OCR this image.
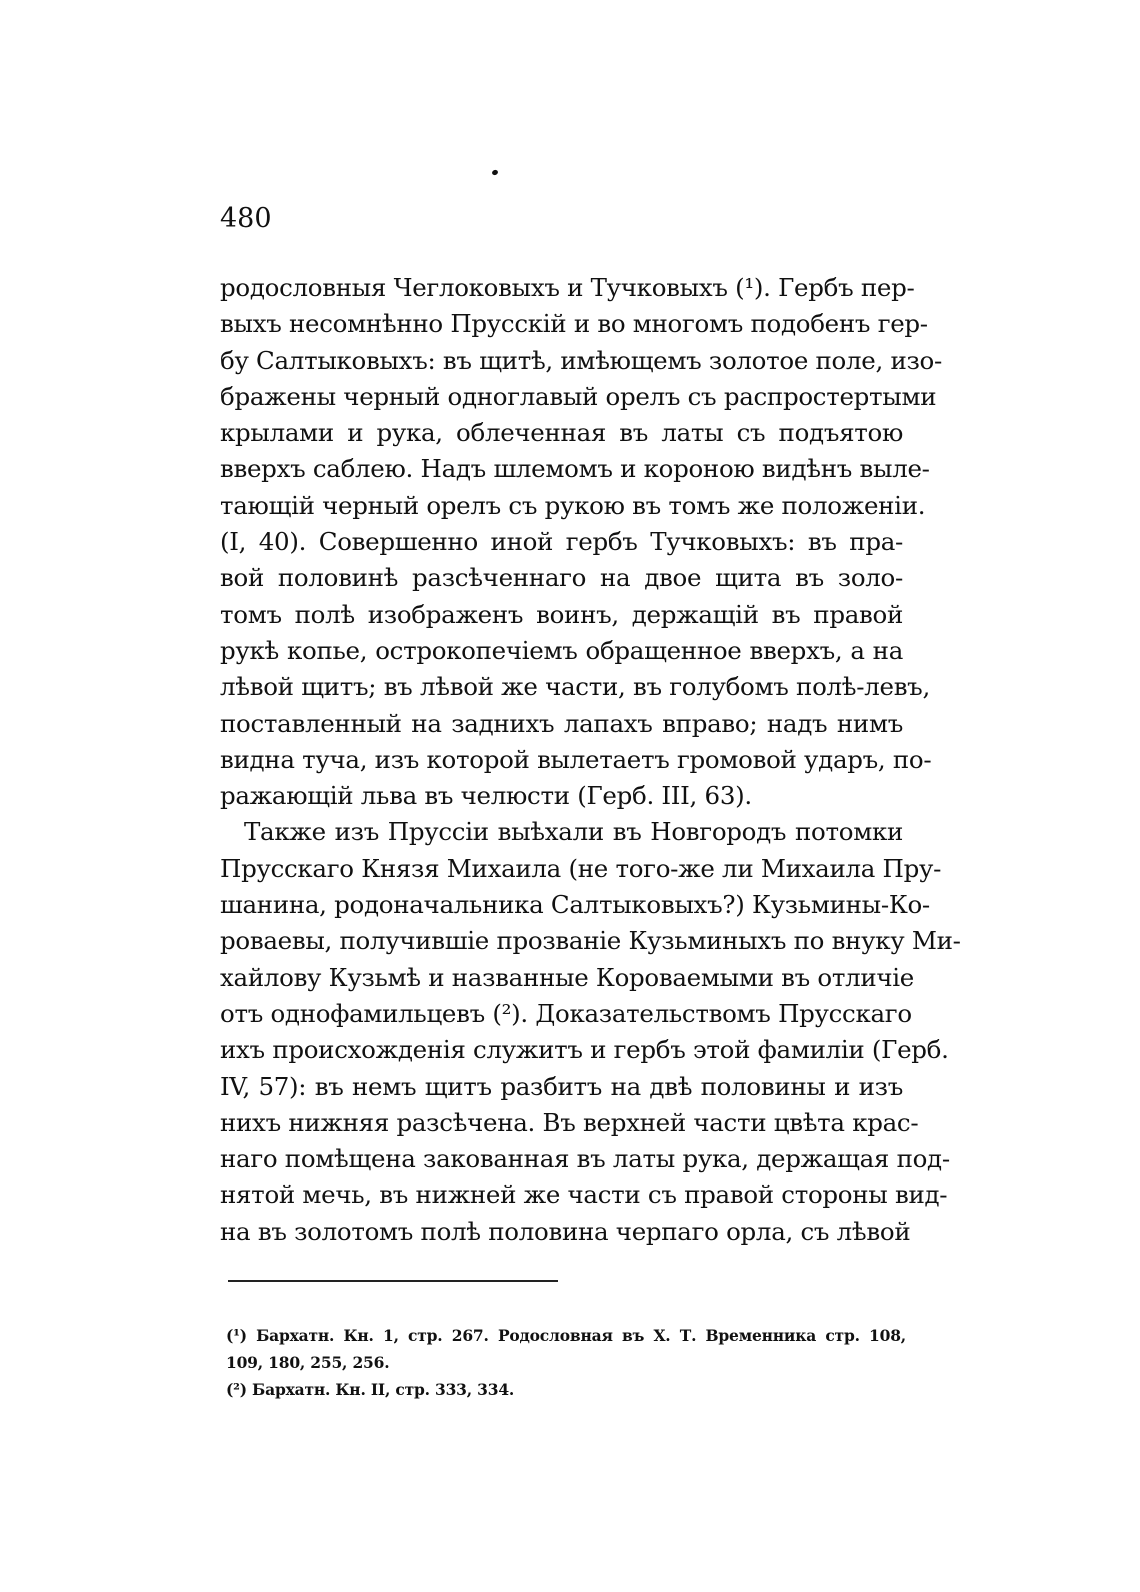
480
родословныя Чеглоковыхъ и Тучковыхъ (¹). Гербъ пер-
выхъ несомнѣнно Прусскій и во многомъ подобенъ гер-
бу Салтыковыхъ: въ щитѣ, имѣющемъ золотое поле, изо-
бражены черный одноглавый орелъ съ распростертыми
крылами и рука, облеченная въ латы съ подъятою
вверхъ саблею. Надъ шлемомъ и короною видѣнъ выле-
тающій черный орелъ съ рукою въ томъ же положеніи.
(I, 40). Совершенно иной гербъ Тучковыхъ: въ пра-
вой половинѣ разсѣченнаго на двое щита въ золо-
томъ полѣ изображенъ воинъ, держащій въ правой
рукѣ копье, острокопечіемъ обращенное вверхъ, а на
лѣвой щитъ; въ лѣвой же части, въ голубомъ полѣ-левъ,
поставленный на заднихъ лапахъ вправо; надъ нимъ
видна туча, изъ которой вылетаетъ громовой ударъ, по-
ражающій льва въ челюсти (Герб. III, 63).
Также изъ Пруссіи выѣхали въ Новгородъ потомки
Прусскаго Князя Михаила (не того-же ли Михаила Пру-
шанина, родоначальника Салтыковыхъ?) Кузьмины-Ко-
роваевы, получившіе прозваніе Кузьминыхъ по внуку Ми-
хайлову Кузьмѣ и названные Короваемыми въ отличіе
отъ однофамильцевъ (²). Доказательствомъ Прусскаго
ихъ происхожденія служитъ и гербъ этой фамиліи (Герб.
IV, 57): въ немъ щитъ разбитъ на двѣ половины и изъ
нихъ нижняя разсѣчена. Въ верхней части цвѣта крас-
наго помѣщена закованная въ латы рука, держащая под-
нятой мечь, въ нижней же части съ правой стороны вид-
на въ золотомъ полѣ половина черпаго орла, съ лѣвой
(¹) Бархатн. Кн. 1, стр. 267. Родословная въ X. Т. Временника стр. 108,
109, 180, 255, 256.
(²) Бархатн. Кн. II, стр. 333, 334.
